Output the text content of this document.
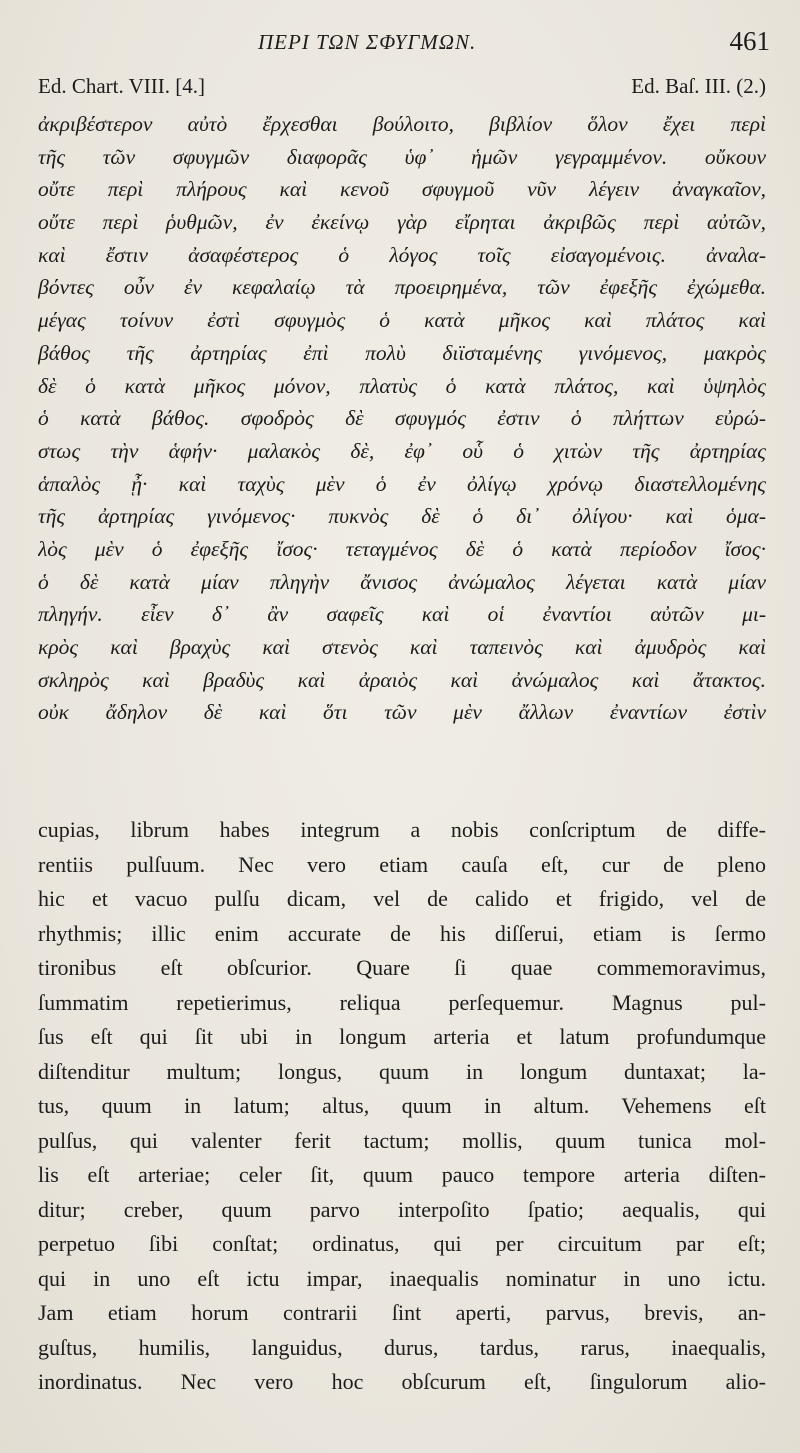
ΠΕΡΙ ΤΩΝ ΣΦΥΓΜΩΝ.	461
Ed. Chart. VIII. [4.]	Ed. Baſ. III. (2.)
ἀκριβέστερον αὐτὸ ἔρχεσθαι βούλοιτο, βιβλίον ὅλον ἔχει περὶ
τῆς τῶν σφυγμῶν διαφορᾶς ὑφ᾽ ἡμῶν γεγραμμένον. οὔκουν
οὔτε περὶ πλήρους καὶ κενοῦ σφυγμοῦ νῦν λέγειν ἀναγκαῖον,
οὔτε περὶ ῥυθμῶν, ἐν ἐκείνῳ γὰρ εἴρηται ἀκριβῶς περὶ αὐτῶν,
καὶ ἔστιν ἀσαφέστερος ὁ λόγος τοῖς εἰσαγομένοις. ἀναλα-
βόντες οὖν ἐν κεφαλαίῳ τὰ προειρημένα, τῶν ἐφεξῆς ἐχώμεθα.
μέγας τοίνυν ἐστὶ σφυγμὸς ὁ κατὰ μῆκος καὶ πλάτος καὶ
βάθος τῆς ἀρτηρίας ἐπὶ πολὺ διϊσταμένης γινόμενος, μακρὸς
δὲ ὁ κατὰ μῆκος μόνον, πλατὺς ὁ κατὰ πλάτος, καὶ ὑψηλὸς
ὁ κατὰ βάθος. σφοδρὸς δὲ σφυγμός ἐστιν ὁ πλήττων εὐρώ-
στως τὴν ἁφήν· μαλακὸς δὲ, ἐφ᾽ οὗ ὁ χιτὼν τῆς ἀρτηρίας
ἁπαλὸς ᾖ· καὶ ταχὺς μὲν ὁ ἐν ὀλίγῳ χρόνῳ διαστελλομένης
τῆς ἀρτηρίας γινόμενος· πυκνὸς δὲ ὁ δι᾽ ὀλίγου· καὶ ὁμα-
λὸς μὲν ὁ ἐφεξῆς ἴσος· τεταγμένος δὲ ὁ κατὰ περίοδον ἴσος·
ὁ δὲ κατὰ μίαν πληγὴν ἄνισος ἀνώμαλος λέγεται κατὰ μίαν
πληγήν. εἶεν δ᾽ ἂν σαφεῖς καὶ οἱ ἐναντίοι αὐτῶν μι-
κρὸς καὶ βραχὺς καὶ στενὸς καὶ ταπεινὸς καὶ ἀμυδρὸς καὶ
σκληρὸς καὶ βραδὺς καὶ ἀραιὸς καὶ ἀνώμαλος καὶ ἄτακτος.
οὐκ ἄδηλον δὲ καὶ ὅτι τῶν μὲν ἄλλων ἐναντίων ἐστὶν
cupias, librum habes integrum a nobis conſcriptum de diffe-
rentiis pulſuum. Nec vero etiam cauſa eſt, cur de pleno
hic et vacuo pulſu dicam, vel de calido et frigido, vel de
rhythmis; illic enim accurate de his diſſerui, etiam is ſermo
tironibus eſt obſcurior. Quare ſi quae commemoravimus,
ſummatim repetierimus, reliqua perſequemur. Magnus pul-
ſus eſt qui ſit ubi in longum arteria et latum profundumque
diſtenditur multum; longus, quum in longum duntaxat; la-
tus, quum in latum; altus, quum in altum. Vehemens eſt
pulſus, qui valenter ferit tactum; mollis, quum tunica mol-
lis eſt arteriae; celer ſit, quum pauco tempore arteria diſten-
ditur; creber, quum parvo interpoſito ſpatio; aequalis, qui
perpetuo ſibi conſtat; ordinatus, qui per circuitum par eſt;
qui in uno eſt ictu impar, inaequalis nominatur in uno ictu.
Jam etiam horum contrarii ſint aperti, parvus, brevis, an-
guſtus, humilis, languidus, durus, tardus, rarus, inaequalis,
inordinatus. Nec vero hoc obſcurum eſt, ſingulorum alio-
